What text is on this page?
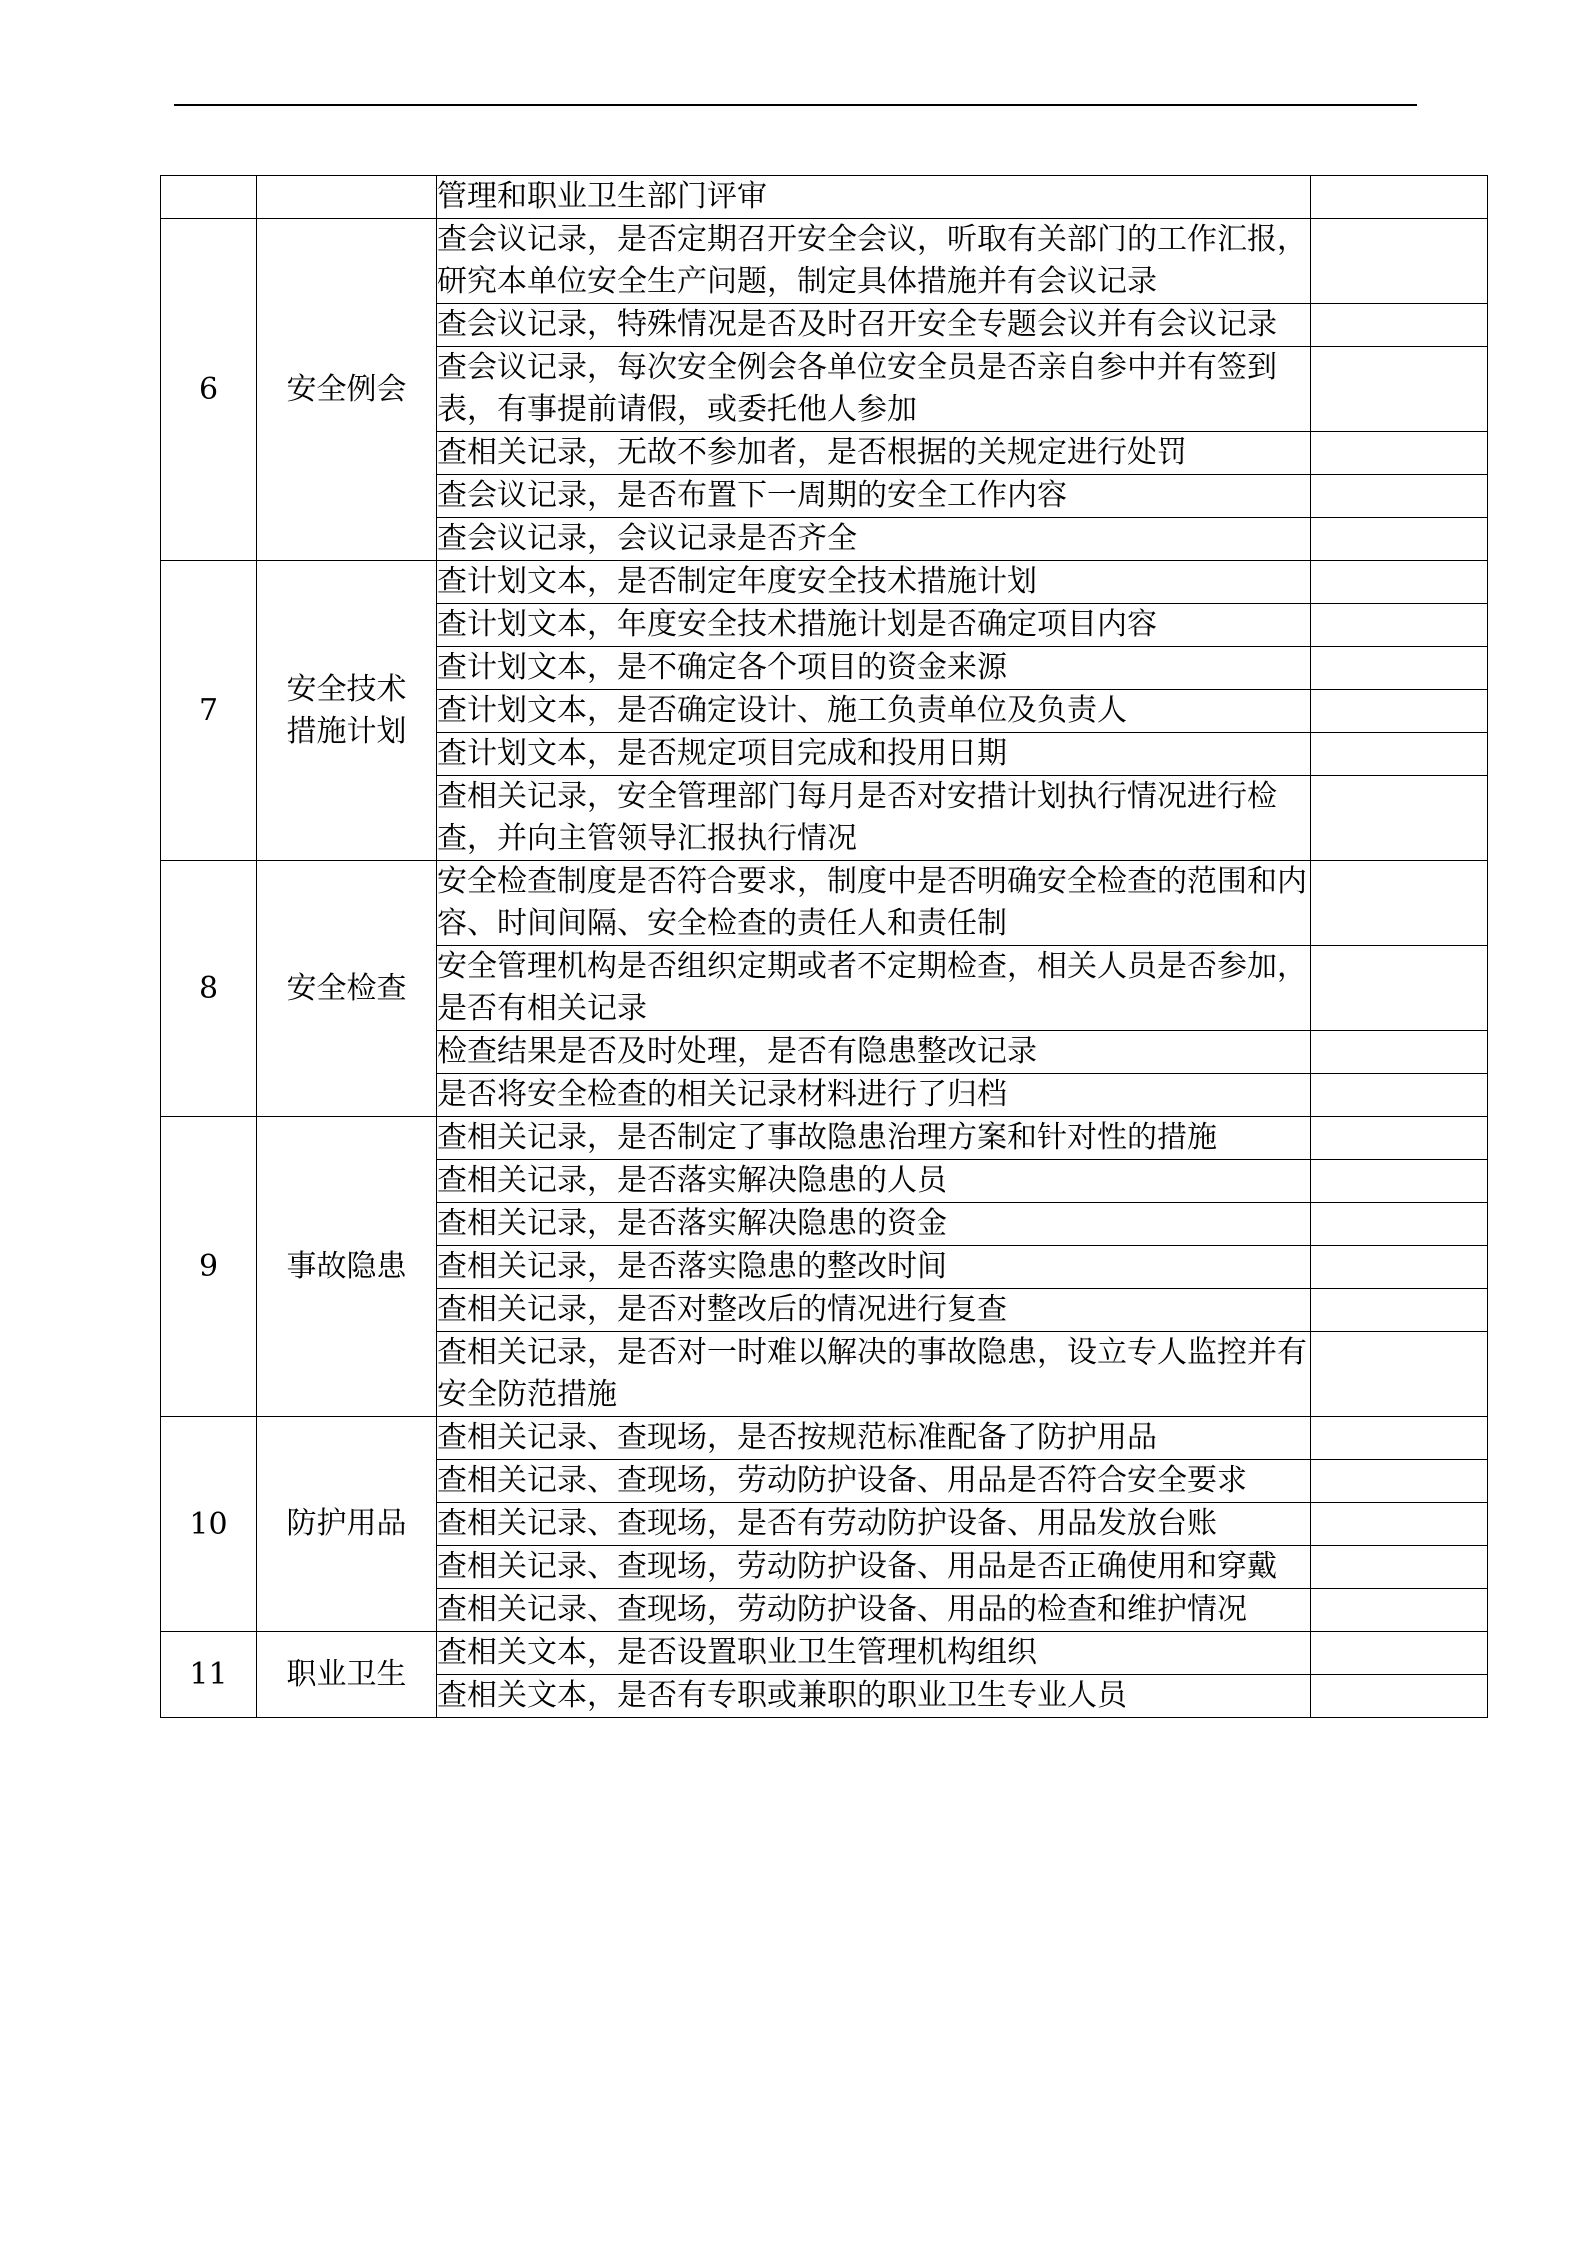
		管理和职业卫生部门评审	
6	安全例会	查会议记录，是否定期召开安全会议，听取有关部门的工作汇报，研究本单位安全生产问题，制定具体措施并有会议记录	
		查会议记录，特殊情况是否及时召开安全专题会议并有会议记录	
		查会议记录，每次安全例会各单位安全员是否亲自参中并有签到表，有事提前请假，或委托他人参加	
		查相关记录，无故不参加者，是否根据的关规定进行处罚	
		查会议记录，是否布置下一周期的安全工作内容	
		查会议记录，会议记录是否齐全	
7	安全技术措施计划	查计划文本，是否制定年度安全技术措施计划	
		查计划文本，年度安全技术措施计划是否确定项目内容	
		查计划文本，是不确定各个项目的资金来源	
		查计划文本，是否确定设计、施工负责单位及负责人	
		查计划文本，是否规定项目完成和投用日期	
		查相关记录，安全管理部门每月是否对安措计划执行情况进行检查，并向主管领导汇报执行情况	
8	安全检查	安全检查制度是否符合要求，制度中是否明确安全检查的范围和内容、时间间隔、安全检查的责任人和责任制	
		安全管理机构是否组织定期或者不定期检查，相关人员是否参加，是否有相关记录	
		检查结果是否及时处理，是否有隐患整改记录	
		是否将安全检查的相关记录材料进行了归档	
9	事故隐患	查相关记录，是否制定了事故隐患治理方案和针对性的措施	
		查相关记录，是否落实解决隐患的人员	
		查相关记录，是否落实解决隐患的资金	
		查相关记录，是否落实隐患的整改时间	
		查相关记录，是否对整改后的情况进行复查	
		查相关记录，是否对一时难以解决的事故隐患，设立专人监控并有安全防范措施	
10	防护用品	查相关记录、查现场，是否按规范标准配备了防护用品	
		查相关记录、查现场，劳动防护设备、用品是否符合安全要求	
		查相关记录、查现场，是否有劳动防护设备、用品发放台账	
		查相关记录、查现场，劳动防护设备、用品是否正确使用和穿戴	
		查相关记录、查现场，劳动防护设备、用品的检查和维护情况	
11	职业卫生	查相关文本，是否设置职业卫生管理机构组织	
		查相关文本，是否有专职或兼职的职业卫生专业人员	
